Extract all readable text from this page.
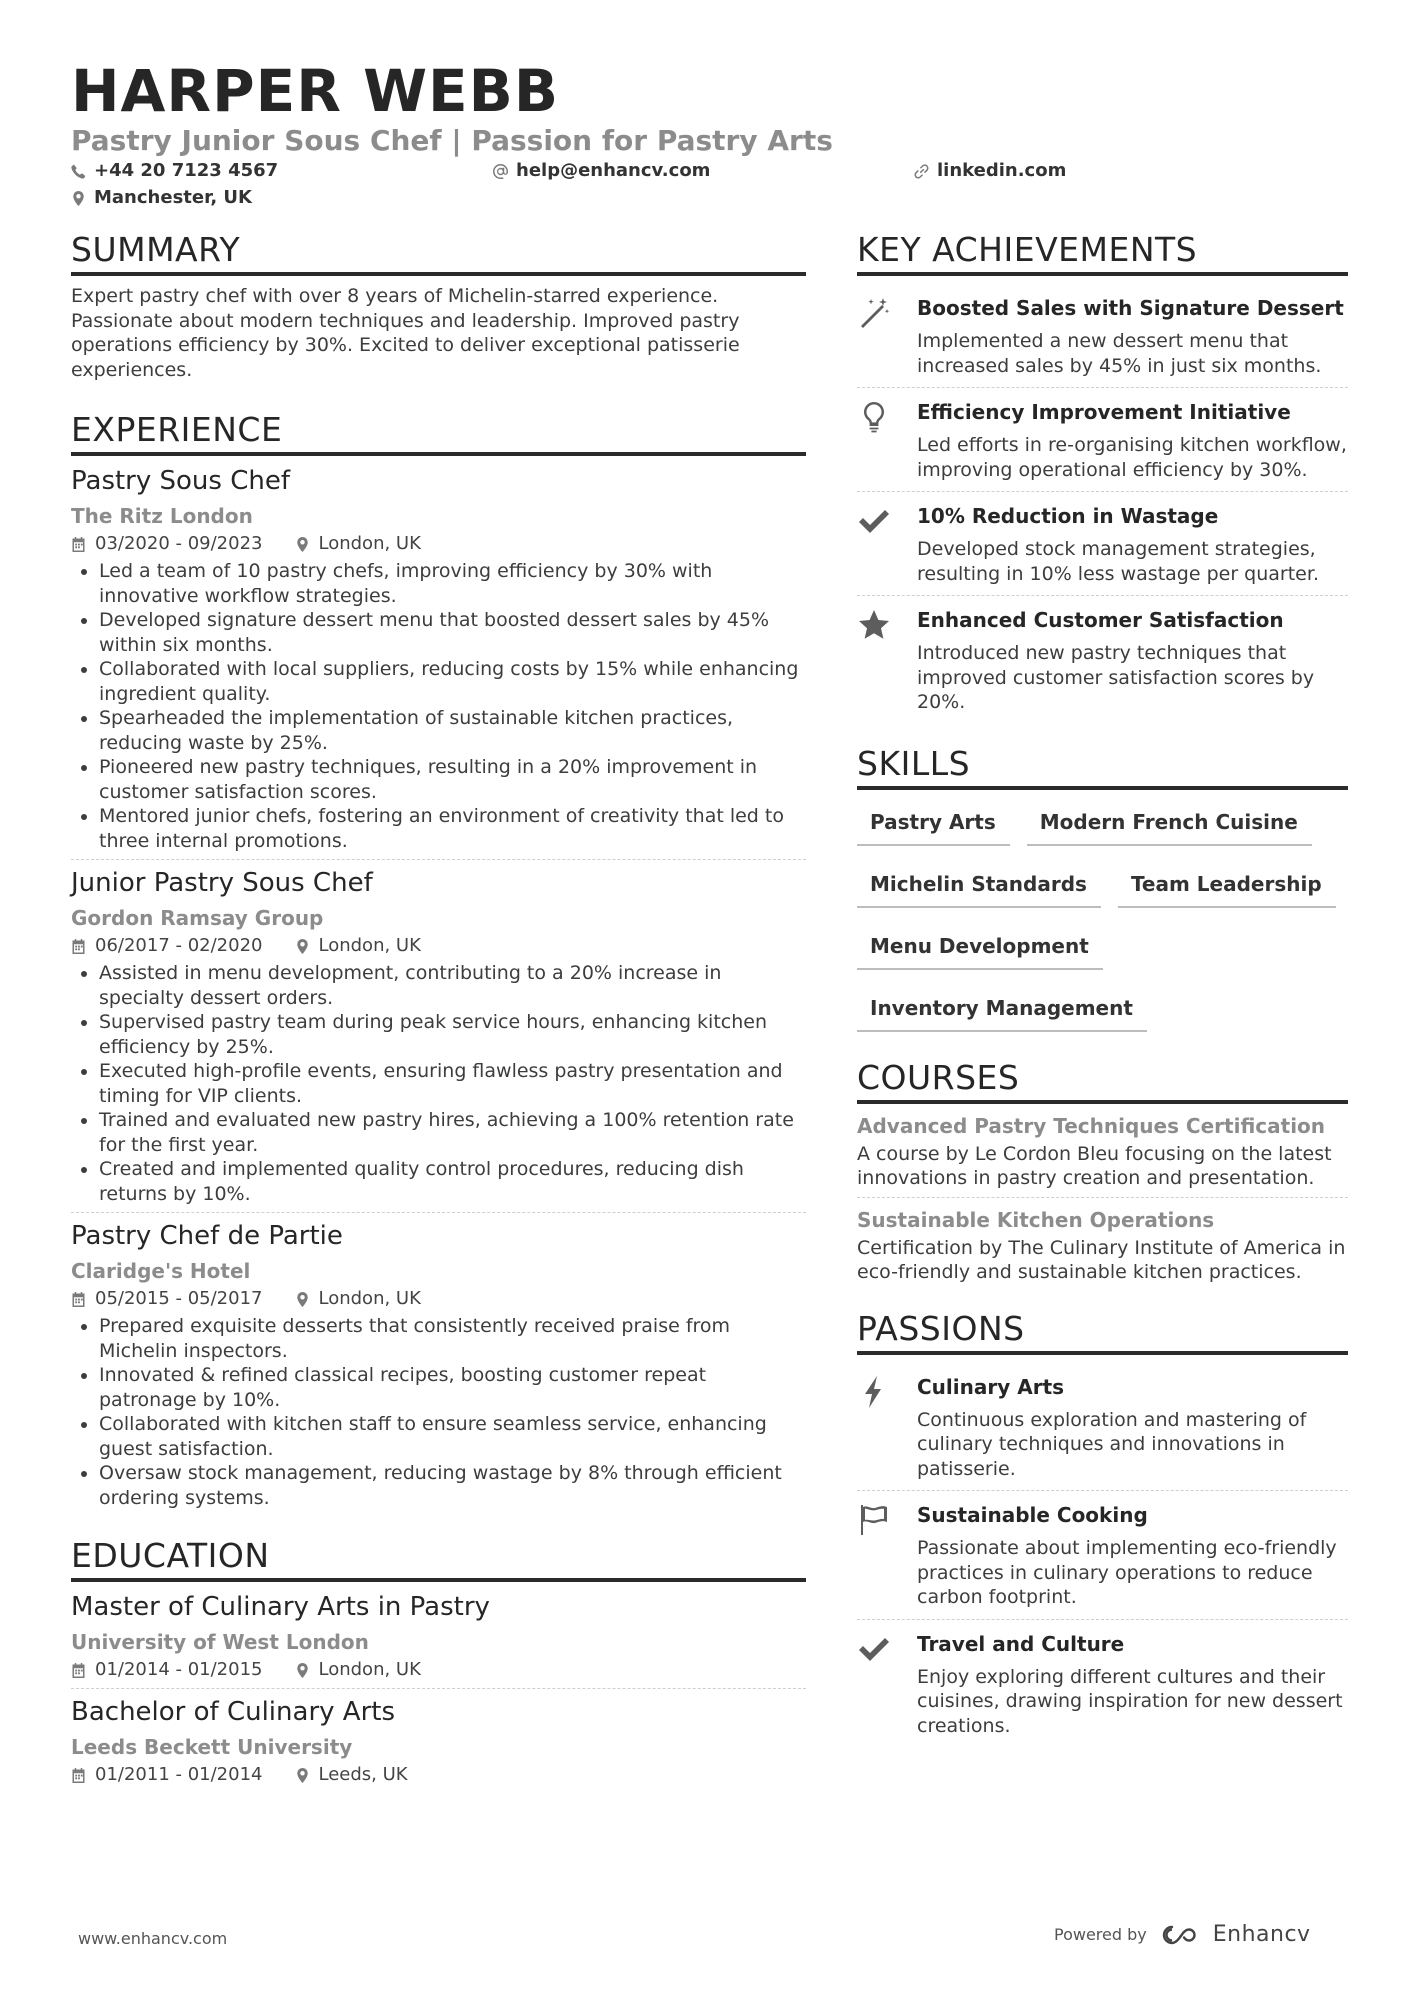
HARPER WEBB
Pastry Junior Sous Chef | Passion for Pastry Arts
+44 20 7123 4567	help@enhancv.com	linkedin.com
Manchester, UK
SUMMARY

Expert pastry chef with over 8 years of Michelin-starred experience. Passionate about modern techniques and leadership. Improved pastry operations efficiency by 30%. Excited to deliver exceptional patisserie experiences.

EXPERIENCE
Pastry Sous Chef
The Ritz London
03/2020 - 09/2023	London, UK
Led a team of 10 pastry chefs, improving efficiency by 30% with innovative workflow strategies.
Developed signature dessert menu that boosted dessert sales by 45% within six months.
Collaborated with local suppliers, reducing costs by 15% while enhancing ingredient quality.
Spearheaded the implementation of sustainable kitchen practices, reducing waste by 25%.
Pioneered new pastry techniques, resulting in a 20% improvement in customer satisfaction scores.
Mentored junior chefs, fostering an environment of creativity that led to three internal promotions.
Junior Pastry Sous Chef
Gordon Ramsay Group
06/2017 - 02/2020	London, UK
Assisted in menu development, contributing to a 20% increase in specialty dessert orders.
Supervised pastry team during peak service hours, enhancing kitchen efficiency by 25%.
Executed high-profile events, ensuring flawless pastry presentation and timing for VIP clients.
Trained and evaluated new pastry hires, achieving a 100% retention rate for the first year.
Created and implemented quality control procedures, reducing dish returns by 10%.
Pastry Chef de Partie
Claridge's Hotel
05/2015 - 05/2017	London, UK
Prepared exquisite desserts that consistently received praise from Michelin inspectors.
Innovated & refined classical recipes, boosting customer repeat patronage by 10%.
Collaborated with kitchen staff to ensure seamless service, enhancing guest satisfaction.
Oversaw stock management, reducing wastage by 8% through efficient ordering systems.
EDUCATION
Master of Culinary Arts in Pastry
University of West London
01/2014 - 01/2015	London, UK
Bachelor of Culinary Arts
Leeds Beckett University
01/2011 - 01/2014	Leeds, UK
KEY ACHIEVEMENTS
Boosted Sales with Signature Dessert
Implemented a new dessert menu that increased sales by 45% in just six months.
Efficiency Improvement Initiative
Led efforts in re-organising kitchen workflow, improving operational efficiency by 30%.
10% Reduction in Wastage
Developed stock management strategies, resulting in 10% less wastage per quarter.
Enhanced Customer Satisfaction
Introduced new pastry techniques that improved customer satisfaction scores by 20%.
SKILLS
Pastry Arts	Modern French Cuisine
Michelin Standards	Team Leadership
Menu Development
Inventory Management
COURSES
Advanced Pastry Techniques Certification
A course by Le Cordon Bleu focusing on the latest innovations in pastry creation and presentation.
Sustainable Kitchen Operations
Certification by The Culinary Institute of America in eco-friendly and sustainable kitchen practices.
PASSIONS
Culinary Arts
Continuous exploration and mastering of culinary techniques and innovations in patisserie.
Sustainable Cooking
Passionate about implementing eco-friendly practices in culinary operations to reduce carbon footprint.
Travel and Culture
Enjoy exploring different cultures and their cuisines, drawing inspiration for new dessert creations.
www.enhancv.com	Powered by	Enhancv
